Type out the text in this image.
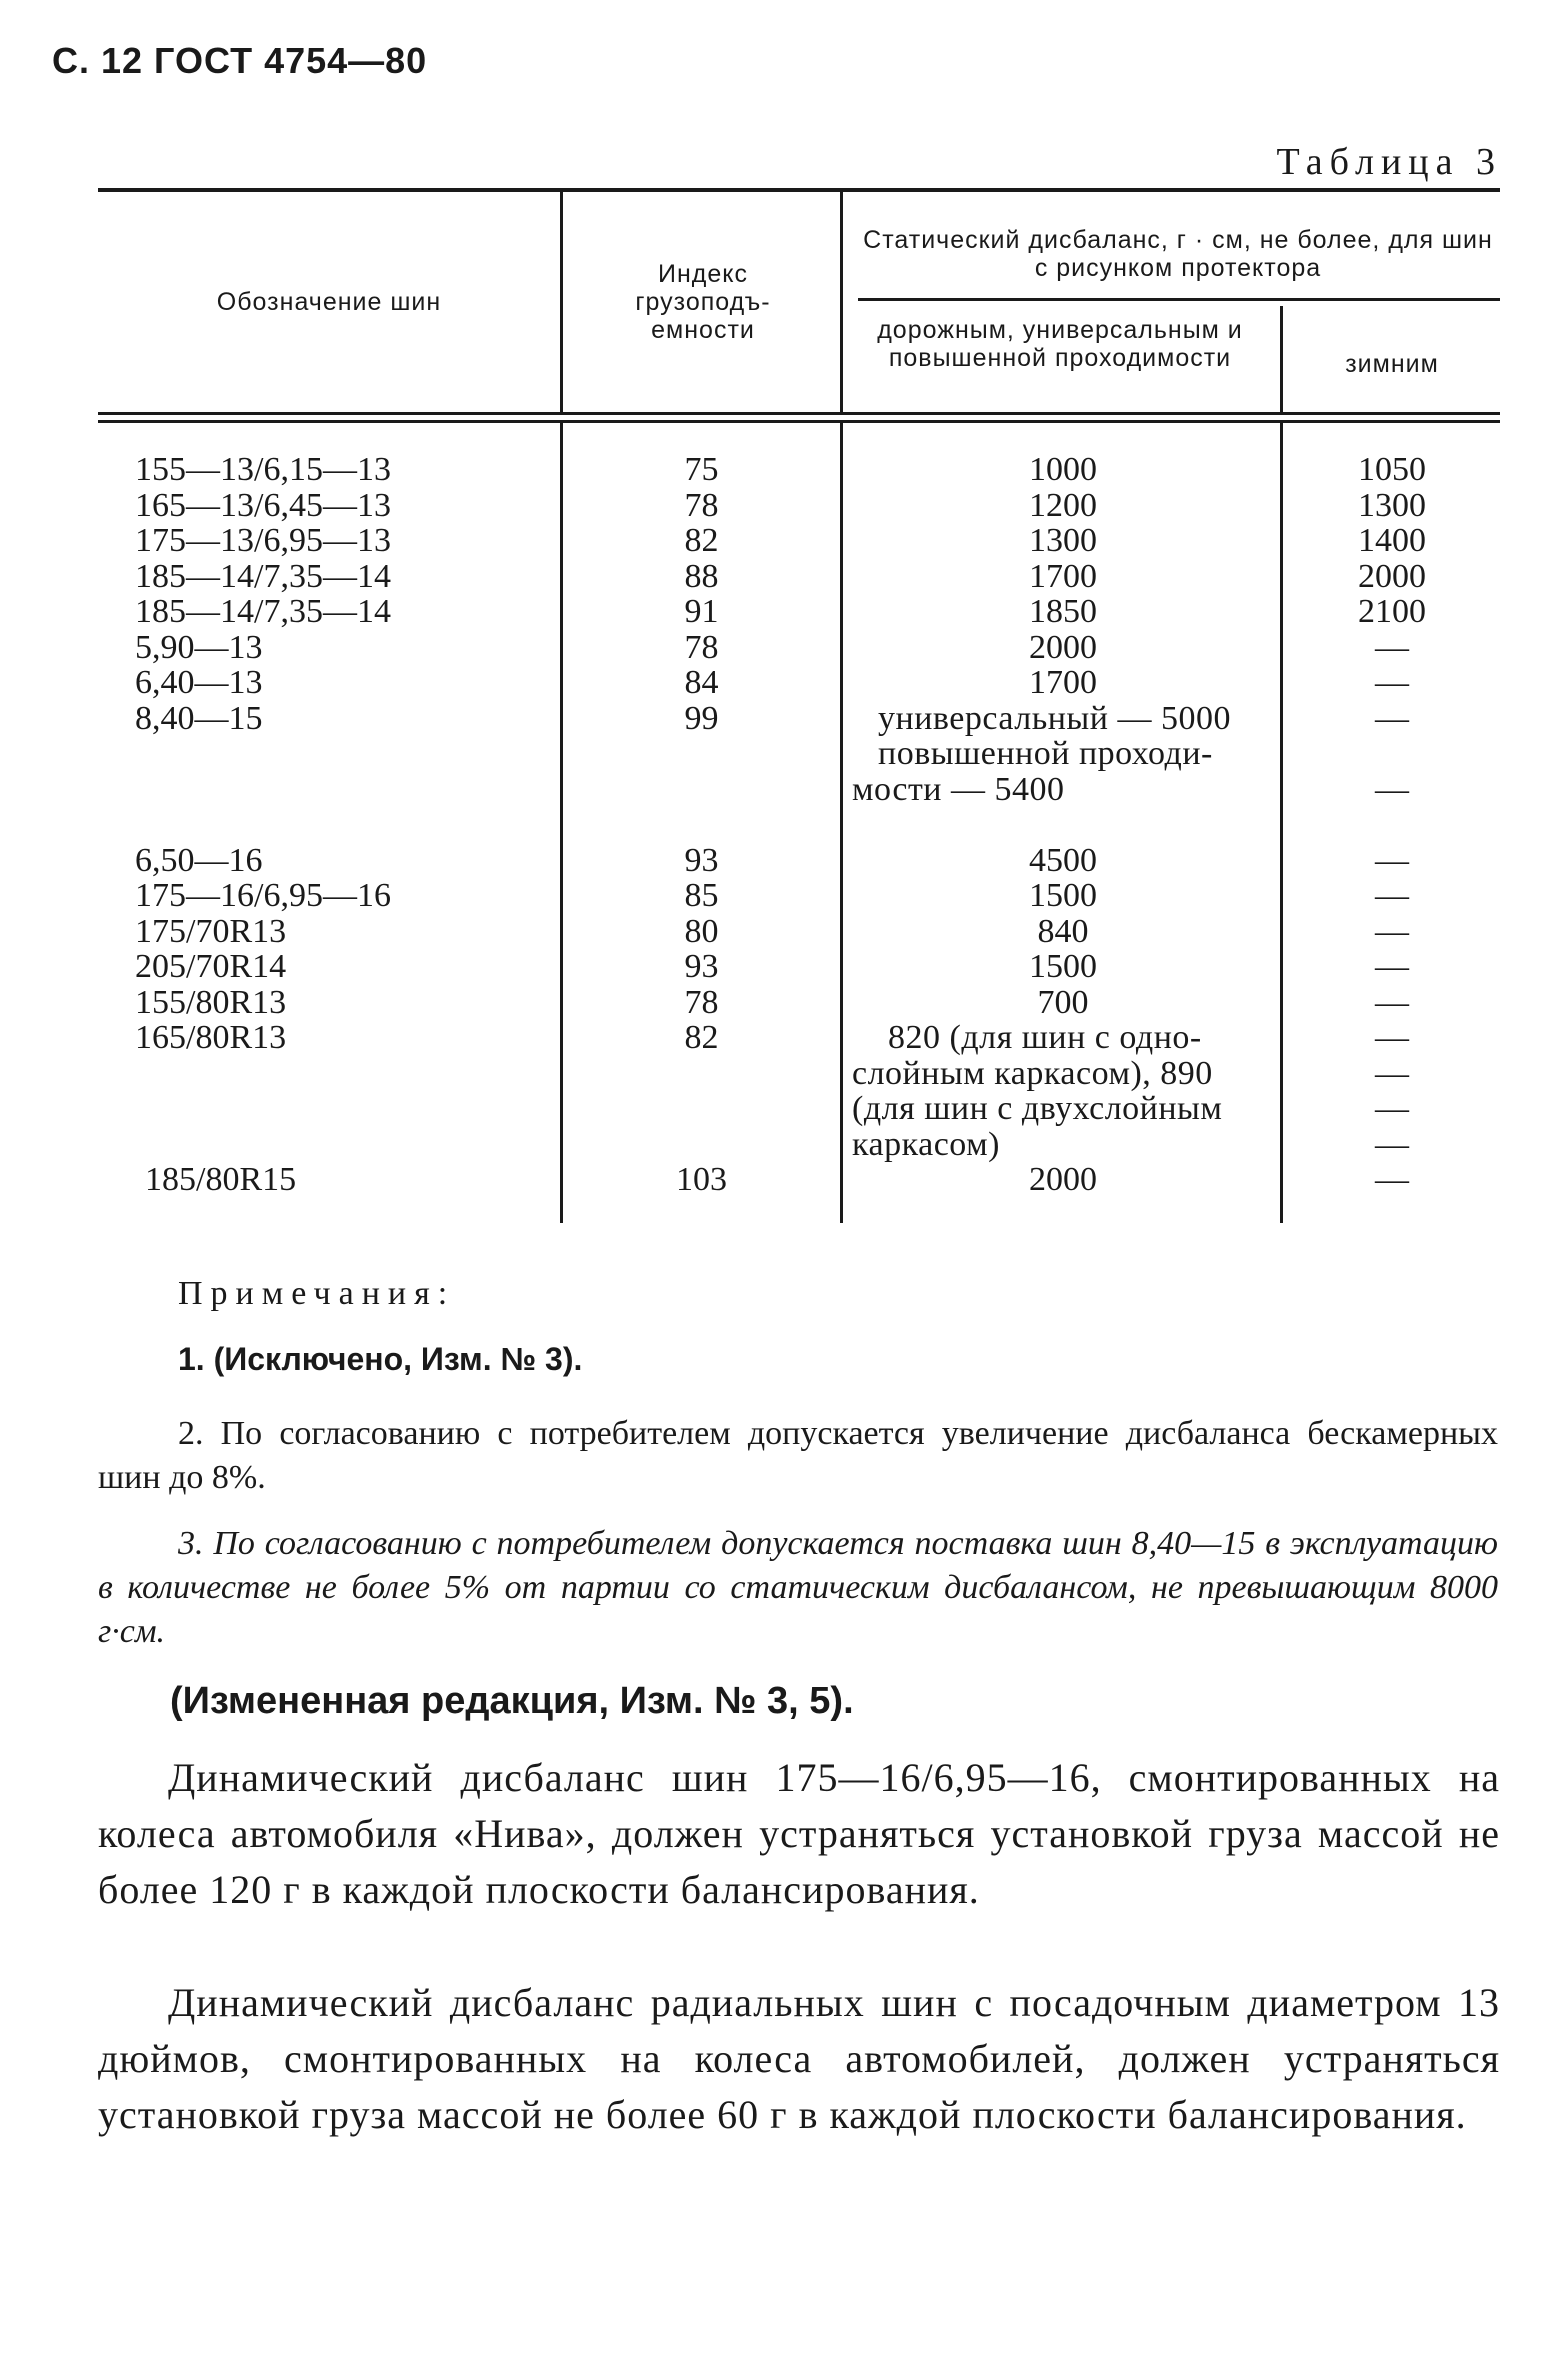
С. 12 ГОСТ 4754—80
Таблица 3
Обозначение шин
Индекс грузоподъ- емности
Статический дисбаланс, г · см, не более, для шин с рисунком протектора
дорожным, универсальным и повышенной проходимости	зимним
155—13/6,15—13
165—13/6,45—13
175—13/6,95—13
185—14/7,35—14
185—14/7,35—14
5,90—13
6,40—13
8,40—15
6,50—16
175—16/6,95—16
175/70R13
205/70R14
155/80R13
165/80R13
185/80R15
75
78
82
88
91
78
84
99
93
85
80
93
78
82
103
1000
1200
1300
1700
1850
2000
1700
универсальный — 5000
повышенной проходи-
мости — 5400
4500
1500
840
1500
700
820 (для шин с одно-
слойным каркасом), 890
(для шин с двухслойным
каркасом)
2000
1050
1300
1400
2000
2100
—
—
—
—
—
—
—
—
—
—
—
—
—
—
Примечания:
1. (Исключено, Изм. № 3).
2. По согласованию с потребителем допускается увеличение дисбаланса бескамерных шин до 8%.
3. По согласованию с потребителем допускается поставка шин 8,40—15 в эксплуатацию в количестве не более 5% от партии со статическим дисбалансом, не превышающим 8000 г·см.
(Измененная редакция, Изм. № 3, 5).
Динамический дисбаланс шин 175—16/6,95—16, смонтированных на колеса автомобиля «Нива», должен устраняться установкой груза массой не более 120 г в каждой плоскости балансирования.
Динамический дисбаланс радиальных шин с посадочным диаметром 13 дюймов, смонтированных на колеса автомобилей, должен устраняться установкой груза массой не более 60 г в каждой плоскости балансирования.
